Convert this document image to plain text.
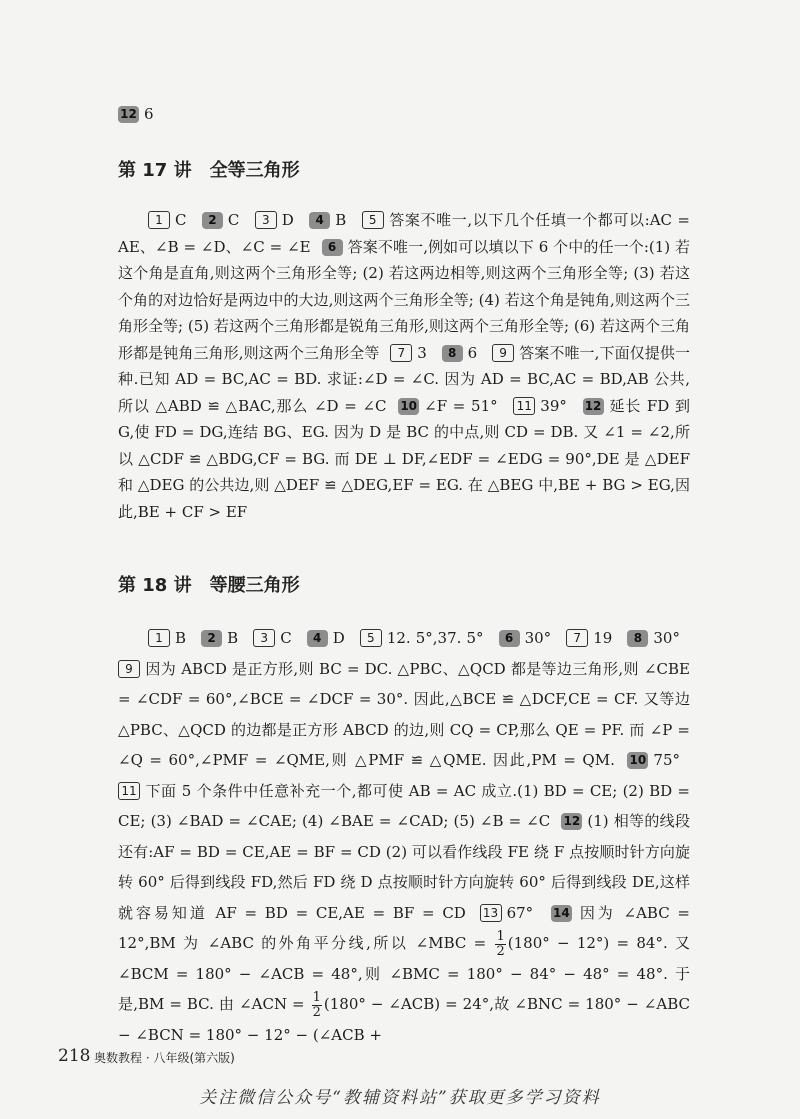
12 6
第 17 讲 全等三角形

1 C 2 C 3 D 4 B 5 答案不唯一,以下几个任填一个都可以:AC = AE、∠B = ∠D、∠C = ∠E 6 答案不唯一,例如可以填以下 6 个中的任一个:(1) 若这个角是直角,则这两个三角形全等; (2) 若这两边相等,则这两个三角形全等; (3) 若这个角的对边恰好是两边中的大边,则这两个三角形全等; (4) 若这个角是钝角,则这两个三角形全等; (5) 若这两个三角形都是锐角三角形,则这两个三角形全等; (6) 若这两个三角形都是钝角三角形,则这两个三角形全等 7 3 8 6 9 答案不唯一,下面仅提供一种.已知 AD = BC,AC = BD. 求证:∠D = ∠C. 因为 AD = BC,AC = BD,AB 公共,所以 △ABD ≌ △BAC,那么 ∠D = ∠C 10 ∠F = 51° 11 39° 12 延长 FD 到 G,使 FD = DG,连结 BG、EG. 因为 D 是 BC 的中点,则 CD = DB. 又 ∠1 = ∠2,所以 △CDF ≌ △BDG,CF = BG. 而 DE ⊥ DF,∠EDF = ∠EDG = 90°,DE 是 △DEF 和 △DEG 的公共边,则 △DEF ≌ △DEG,EF = EG. 在 △BEG 中,BE + BG > EG,因此,BE + CF > EF

第 18 讲 等腰三角形

1 B 2 B 3 C 4 D 5 12. 5°,37. 5° 6 30° 7 19 8 30° 9 因为 ABCD 是正方形,则 BC = DC. △PBC、△QCD 都是等边三角形,则 ∠CBE = ∠CDF = 60°,∠BCE = ∠DCF = 30°. 因此,△BCE ≌ △DCF,CE = CF. 又等边 △PBC、△QCD 的边都是正方形 ABCD 的边,则 CQ = CP,那么 QE = PF. 而 ∠P = ∠Q = 60°,∠PMF = ∠QME,则 △PMF ≌ △QME. 因此,PM = QM. 10 75° 11 下面 5 个条件中任意补充一个,都可使 AB = AC 成立.(1) BD = CE; (2) BD = CE; (3) ∠BAD = ∠CAE; (4) ∠BAE = ∠CAD; (5) ∠B = ∠C 12 (1) 相等的线段还有:AF = BD = CE,AE = BF = CD (2) 可以看作线段 FE 绕 F 点按顺时针方向旋转 60° 后得到线段 FD,然后 FD 绕 D 点按顺时针方向旋转 60° 后得到线段 DE,这样就容易知道 AF = BD = CE,AE = BF = CD 13 67° 14 因为 ∠ABC = 12°,BM 为 ∠ABC 的外角平分线,所以 ∠MBC = $\frac{1}{2} (180^\circ - 12^\circ) = 84^\circ$. 又 ∠BCM = 180° − ∠ACB = 48°,则 ∠BMC = 180° − 84° − 48° = 48°. 于是,BM = BC. 由 ∠ACN = $\frac{1}{2} (180^\circ$ − ∠ACB) = 24°,故 ∠BNC = 180° − ∠ABC − ∠BCN = 180° − 12° − (∠ACB +

218 奥数教程 · 八年级(第六版)
关注微信公众号“教辅资料站”获取更多学习资料
